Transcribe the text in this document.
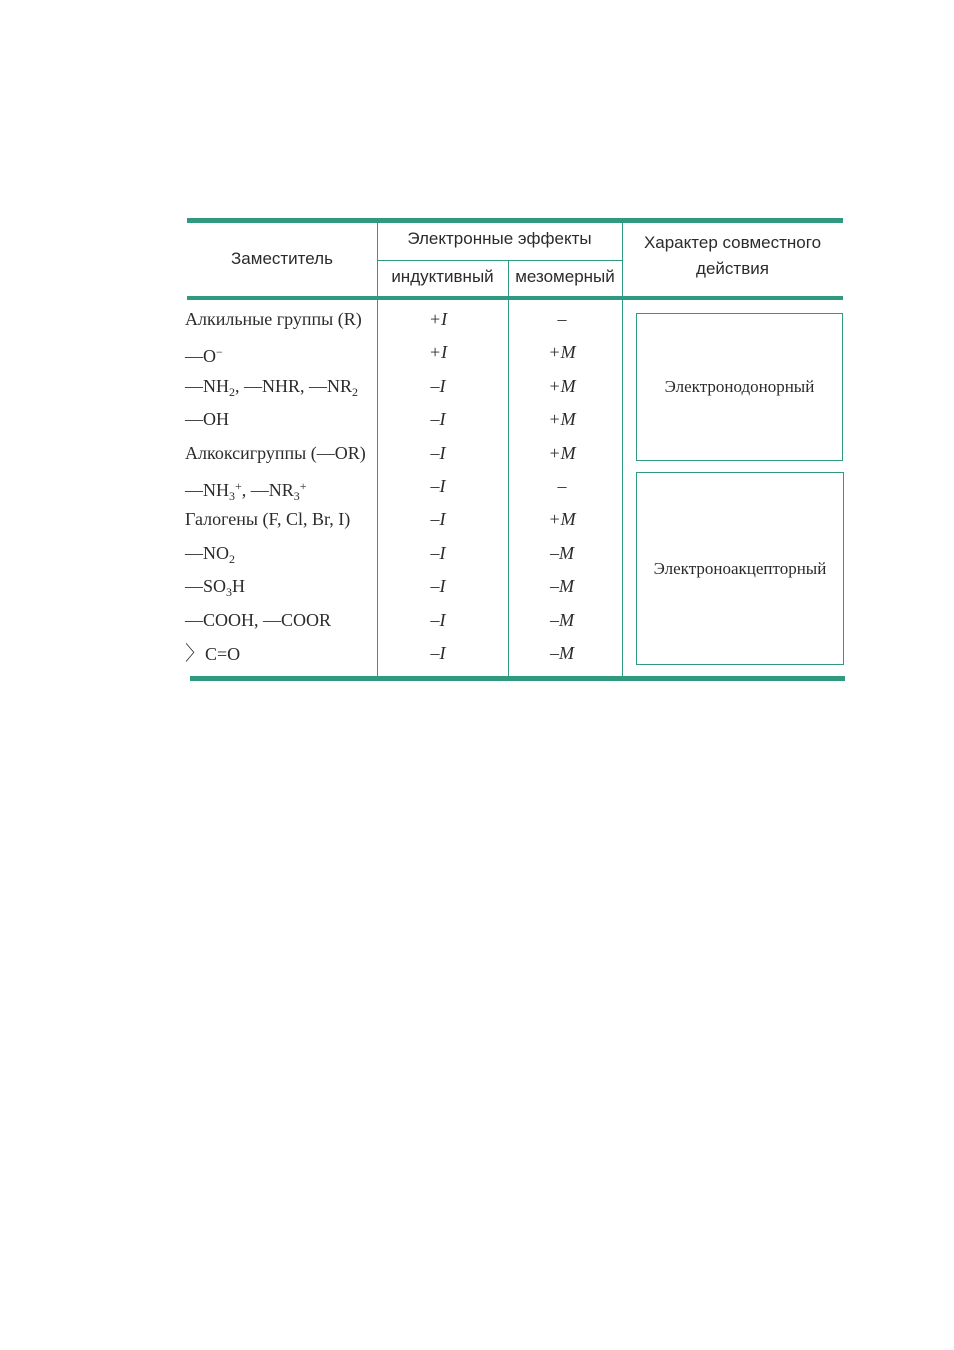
Заместитель
Электронные эффекты
индуктивный	мезомерный
Характер совместного
действия
Алкильные группы (R)	+I	–
—O−	+I	+M
$—NH_2$, —NHR, $—NR_2$	–I	+M
—OH	–I	+M
Алкоксигруппы (—OR)	–I	+M
$—NH_3^+$, $—NR_3^+$	–I	–
Галогены (F, Cl, Br, I)	–I	+M
$—NO_2$	–I	–M
$—SO_3H$	–I	–M
—COOH, —COOR	–I	–M
〉C=O	–I	–M
Электронодонорный
Электроноакцепторный
